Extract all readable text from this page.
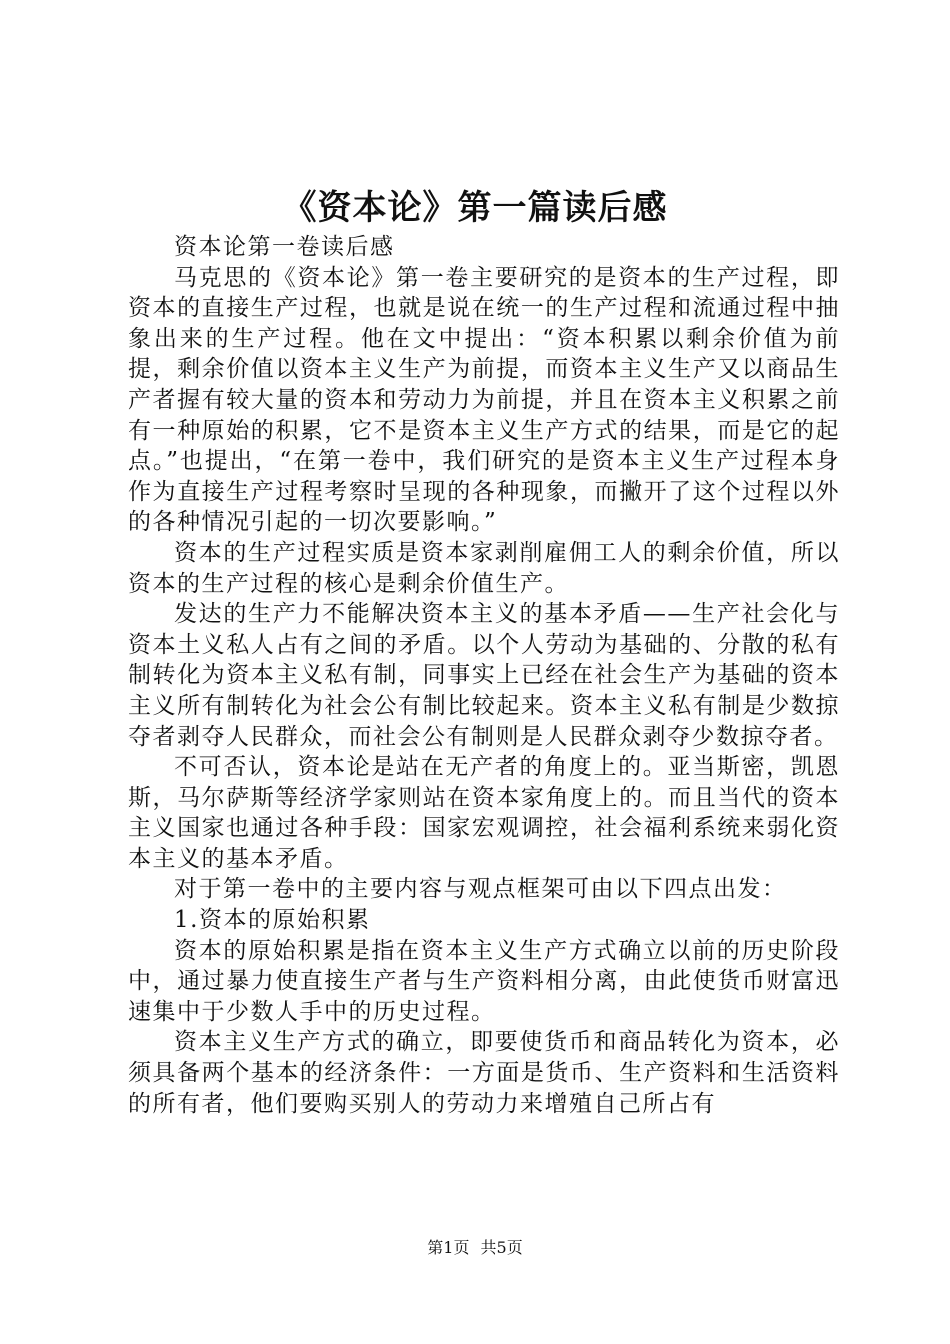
《资本论》第一篇读后感

资本论第一卷读后感

马克思的《资本论》第一卷主要研究的是资本的生产过程，即资本的直接生产过程，也就是说在统一的生产过程和流通过程中抽象出来的生产过程。他在文中提出：“资本积累以剩余价值为前提，剩余价值以资本主义生产为前提，而资本主义生产又以商品生产者握有较大量的资本和劳动力为前提，并且在资本主义积累之前有一种原始的积累，它不是资本主义生产方式的结果，而是它的起点。”也提出，“在第一卷中，我们研究的是资本主义生产过程本身作为直接生产过程考察时呈现的各种现象，而撇开了这个过程以外的各种情况引起的一切次要影响。”

资本的生产过程实质是资本家剥削雇佣工人的剩余价值，所以资本的生产过程的核心是剩余价值生产。

发达的生产力不能解决资本主义的基本矛盾——生产社会化与资本土义私人占有之间的矛盾。以个人劳动为基础的、分散的私有制转化为资本主义私有制，同事实上已经在社会生产为基础的资本主义所有制转化为社会公有制比较起来。资本主义私有制是少数掠夺者剥夺人民群众，而社会公有制则是人民群众剥夺少数掠夺者。

不可否认，资本论是站在无产者的角度上的。亚当斯密，凯恩斯，马尔萨斯等经济学家则站在资本家角度上的。而且当代的资本主义国家也通过各种手段：国家宏观调控，社会福利系统来弱化资本主义的基本矛盾。

对于第一卷中的主要内容与观点框架可由以下四点出发：

1.资本的原始积累

资本的原始积累是指在资本主义生产方式确立以前的历史阶段中，通过暴力使直接生产者与生产资料相分离，由此使货币财富迅速集中于少数人手中的历史过程。

资本主义生产方式的确立，即要使货币和商品转化为资本，必须具备两个基本的经济条件：一方面是货币、生产资料和生活资料的所有者，他们要购买别人的劳动力来增殖自己所占有

第1页 共5页
